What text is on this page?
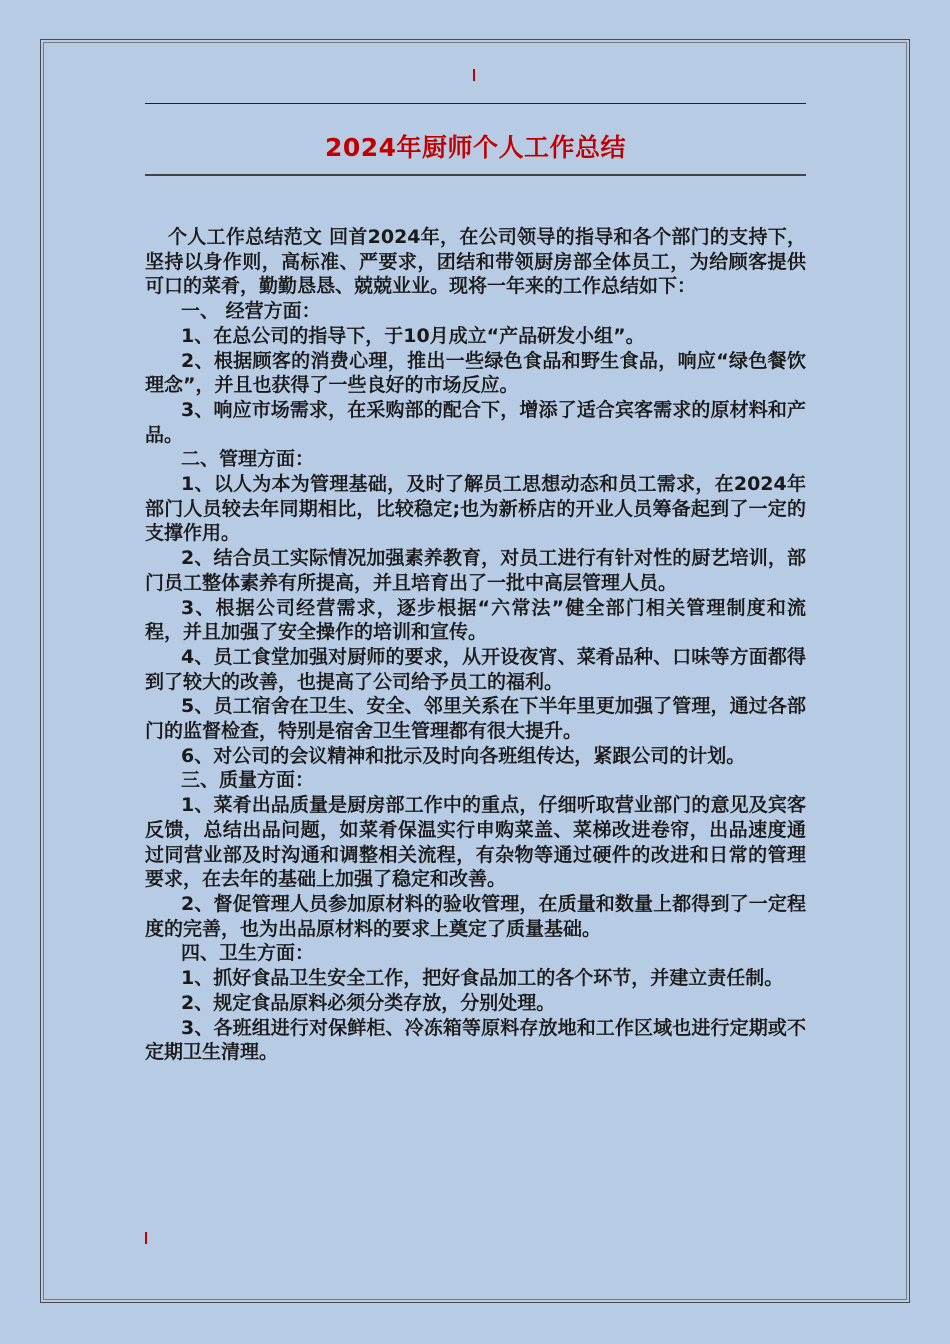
2024年厨师个人工作总结

个人工作总结范文 回首2024年，在公司领导的指导和各个部门的支持下，坚持以身作则，高标准、严要求，团结和带领厨房部全体员工，为给顾客提供可口的菜肴，勤勤恳恳、兢兢业业。现将一年来的工作总结如下：

一、 经营方面：

1、在总公司的指导下，于10月成立“产品研发小组”。

2、根据顾客的消费心理，推出一些绿色食品和野生食品，响应“绿色餐饮理念”，并且也获得了一些良好的市场反应。

3、响应市场需求，在采购部的配合下，增添了适合宾客需求的原材料和产品。

二、管理方面：

1、以人为本为管理基础，及时了解员工思想动态和员工需求，在2024年部门人员较去年同期相比，比较稳定;也为新桥店的开业人员筹备起到了一定的支撑作用。

2、结合员工实际情况加强素养教育，对员工进行有针对性的厨艺培训，部门员工整体素养有所提高，并且培育出了一批中高层管理人员。

3、根据公司经营需求，逐步根据“六常法”健全部门相关管理制度和流程，并且加强了安全操作的培训和宣传。

4、员工食堂加强对厨师的要求，从开设夜宵、菜肴品种、口味等方面都得到了较大的改善，也提高了公司给予员工的福利。

5、员工宿舍在卫生、安全、邻里关系在下半年里更加强了管理，通过各部门的监督检查，特别是宿舍卫生管理都有很大提升。

6、对公司的会议精神和批示及时向各班组传达，紧跟公司的计划。

三、质量方面：

1、菜肴出品质量是厨房部工作中的重点，仔细听取营业部门的意见及宾客反馈，总结出品问题，如菜肴保温实行申购菜盖、菜梯改进卷帘，出品速度通过同营业部及时沟通和调整相关流程，有杂物等通过硬件的改进和日常的管理要求，在去年的基础上加强了稳定和改善。

2、督促管理人员参加原材料的验收管理，在质量和数量上都得到了一定程度的完善，也为出品原材料的要求上奠定了质量基础。

四、卫生方面：

1、抓好食品卫生安全工作，把好食品加工的各个环节，并建立责任制。

2、规定食品原料必须分类存放，分别处理。

3、各班组进行对保鲜柜、冷冻箱等原料存放地和工作区域也进行定期或不定期卫生清理。
